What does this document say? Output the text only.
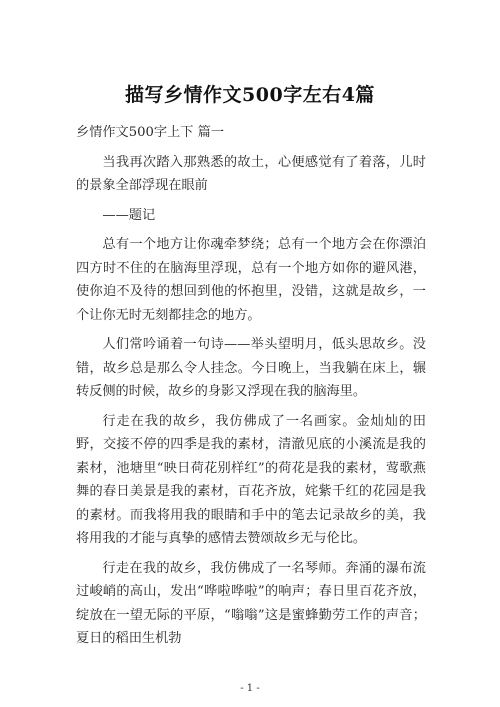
描写乡情作文500字左右4篇

乡情作文500字上下 篇一

当我再次踏入那熟悉的故土，心便感觉有了着落，儿时的景象全部浮现在眼前

——题记

总有一个地方让你魂牵梦绕；总有一个地方会在你漂泊四方时不住的在脑海里浮现，总有一个地方如你的避风港，使你迫不及待的想回到他的怀抱里，没错，这就是故乡，一个让你无时无刻都挂念的地方。

人们常吟诵着一句诗——举头望明月，低头思故乡。没错，故乡总是那么令人挂念。今日晚上，当我躺在床上，辗转反侧的时候，故乡的身影又浮现在我的脑海里。

行走在我的故乡，我仿佛成了一名画家。金灿灿的田野，交接不停的四季是我的素材，清澈见底的小溪流是我的素材，池塘里“映日荷花别样红”的荷花是我的素材，莺歌燕舞的春日美景是我的素材，百花齐放，姹紫千红的花园是我的素材。而我将用我的眼睛和手中的笔去记录故乡的美，我将用我的才能与真挚的感情去赞颂故乡无与伦比。

行走在我的故乡，我仿佛成了一名琴师。奔涌的瀑布流过峻峭的高山，发出“哗啦哗啦”的响声；春日里百花齐放，绽放在一望无际的平原，“嗡嗡”这是蜜蜂勤劳工作的声音；夏日的稻田生机勃

- 1 -
